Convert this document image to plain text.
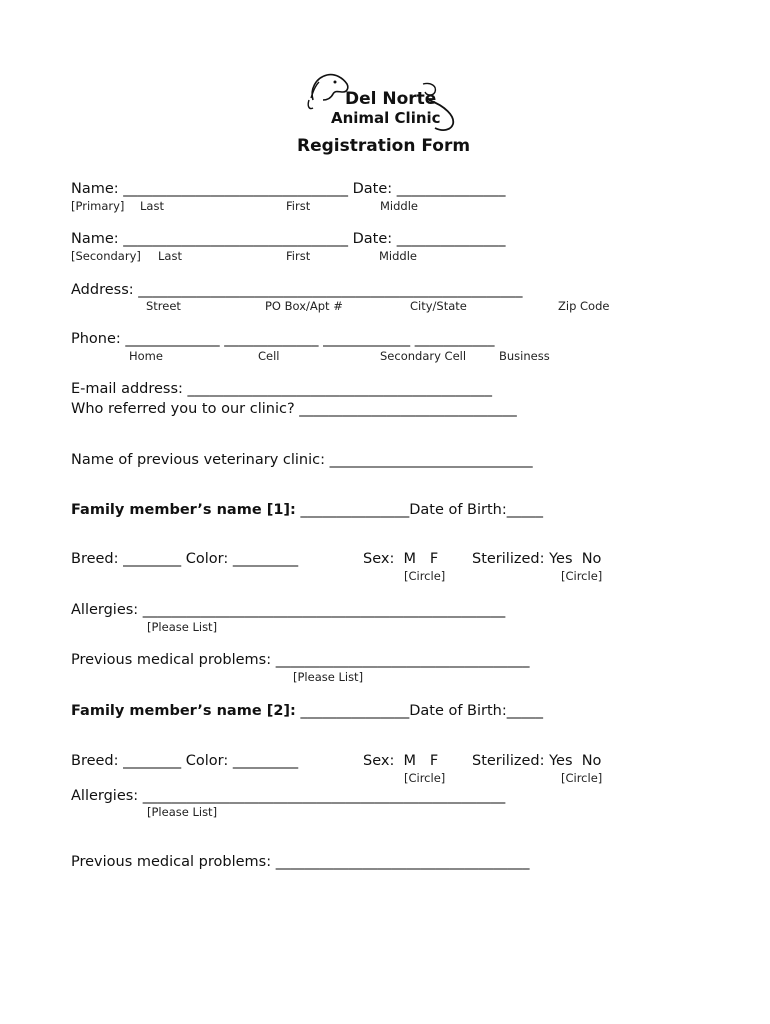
Del Norte
Animal Clinic
Registration Form
Name: _______________________________ Date: _______________
[Primary] Last	First	Middle
Name: _______________________________ Date: _______________
[Secondary] Last	First	Middle
Address: _____________________________________________________
Street	PO Box/Apt #	City/State	Zip Code
Phone: _____________ _____________ ____________ ___________
Home	Cell	Secondary Cell	Business
E-mail address: __________________________________________
Who referred you to our clinic? ______________________________
Name of previous veterinary clinic: ____________________________
Family member’s name [1]: _______________Date of Birth:_____
Breed: ________ Color: _________	Sex:  M   F Sterilized: Yes  No
[Circle]	[Circle]
Allergies: __________________________________________________
[Please List]
Previous medical problems: ___________________________________
[Please List]
Family member’s name [2]: _______________Date of Birth:_____
Breed: ________ Color: _________	Sex:  M   F Sterilized: Yes  No
[Circle]	[Circle]
Allergies: __________________________________________________
[Please List]
Previous medical problems: ___________________________________
